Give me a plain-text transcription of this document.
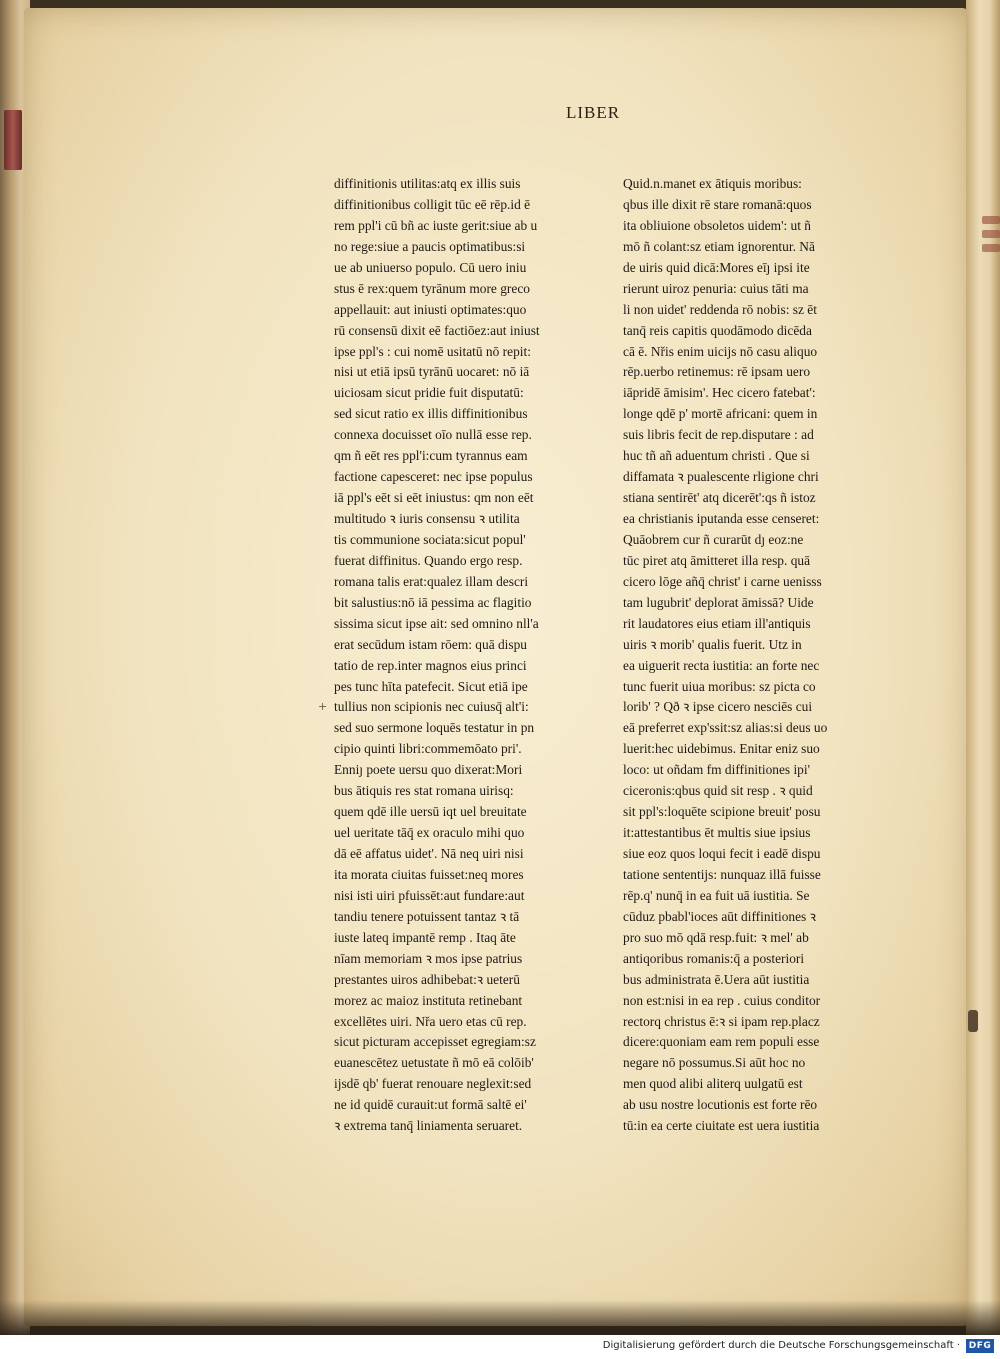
LIBER
+
diffinitionis utilitas:atq ex illis suis
diffinitionibus colligit tūc eē rēp.id ē
rem ppl'i cū bñ ac iuste gerit:siue ab u
no rege:siue a paucis optimatibus:si
ue ab uniuerso populo. Cū uero iniu
stus ē rex:quem tyrānum more greco
appellauit: aut iniusti optimates:quo
rū consensū dixit eē factiōez:aut iniust
ipse ppl's : cui nomē usitatū nō repit:
nisi ut etiā ipsū tyrānū uocaret: nō iā
uiciosam sicut pridie fuit disputatū:
sed sicut ratio ex illis diffinitionibus
connexa docuisset oīo nullā esse rep.
qm ñ eēt res ppl'i:cum tyrannus eam
factione capesceret: nec ipse populus
iā ppl's eēt si eēt iniustus: qm non eēt
multitudo ꝛ iuris consensu ꝛ utilita
tis communione sociata:sicut popul'
fuerat diffinitus. Quando ergo resp.
romana talis erat:qualez illam descri
bit salustius:nō iā pessima ac flagitio
sissima sicut ipse ait: sed omnino nll'a
erat secūdum istam rōem: quā dispu
tatio de rep.inter magnos eius princi
pes tunc hīta patefecit. Sicut etiā ipe
tullius non scipionis nec cuiusq̄ alt'i:
sed suo sermone loquēs testatur in pn
cipio quinti libri:commemōato pri'.
Enniȷ poete uersu quo dixerat:Mori
bus ātiquis res stat romana uirisq:
quem qdē ille uersū iqt uel breuitate
uel ueritate tāq̄ ex oraculo mihi quo
dā eē affatus uidet'. Nā neq uiri nisi
ita morata ciuitas fuisset:neq mores
nisi isti uiri pfuissēt:aut fundare:aut
tandiu tenere potuissent tantaz ꝛ tā
iuste lateq impantē remp . Itaq āte
nīam memoriam ꝛ mos ipse patrius
prestantes uiros adhibebat:ꝛ ueterū
morez ac maioz instituta retinebant
excellētes uiri. Nřa uero etas cū rep.
sicut picturam accepisset egregiam:sz
euanescētez uetustate ñ mō eā colōib'
ijsdē qb' fuerat renouare neglexit:sed
ne id quidē curauit:ut formā saltē ei'
ꝛ extrema tanq̄ liniamenta seruaret.
Quid.n.manet ex ātiquis moribus:
qbus ille dixit rē stare romanā:quos
ita obliuione obsoletos uidem': ut ñ
mō ñ colant:sz etiam ignorentur. Nā
de uiris quid dicā:Mores eīȷ ipsi ite
rierunt uiroz penuria: cuius tāti ma
li non uidet' reddenda rō nobis: sz ēt
tanq̄ reis capitis quodāmodo dicēda
cā ē. Nřis enim uicijs nō casu aliquo
rēp.uerbo retinemus: rē ipsam uero
iāpridē āmisim'. Hec cicero fatebat':
longe qdē p' mortē africani: quem in
suis libris fecit de rep.disputare : ad
huc tñ añ aduentum christi . Que si
diffamata ꝛ pualescente rligione chri
stiana sentirēt' atq dicerēt':qs ñ istoz
ea christianis iputanda esse censeret:
Quāobrem cur ñ curarūt dȷ eoz:ne
tūc piret atq āmitteret illa resp. quā
cicero lōge añq̄ christ' i carne uenisss
tam lugubrit' deplorat āmissā? Uide
rit laudatores eius etiam ill'antiquis
uiris ꝛ morib' qualis fuerit. Utz in
ea uiguerit recta iustitia: an forte nec
tunc fuerit uiua moribus: sz picta co
lorib' ? Qð ꝛ ipse cicero nesciēs cui
eā preferret exp'ssit:sz alias:si deus uo
luerit:hec uidebimus. Enitar eniz suo
loco: ut oñdam fm diffinitiones ipi'
ciceronis:qbus quid sit resp . ꝛ quid
sit ppl's:loquēte scipione breuit' posu
it:attestantibus ēt multis siue ipsius
siue eoz quos loqui fecit i eadē dispu
tatione sententijs: nunquaz illā fuisse
rēp.q' nunq̄ in ea fuit uā iustitia. Se
cūduz pbabl'ioces aūt diffinitiones ꝛ
pro suo mō qdā resp.fuit: ꝛ mel' ab
antiqoribus romanis:q̄ a posteriori
bus administrata ē.Uera aūt iustitia
non est:nisi in ea rep . cuius conditor
rectorq christus ē:ꝛ si ipam rep.placz
dicere:quoniam eam rem populi esse
negare nō possumus.Si aūt hoc no
men quod alibi aliterq uulgatū est
ab usu nostre locutionis est forte rēo
tū:in ea certe ciuitate est uera iustitia
Digitalisierung gefördert durch die Deutsche Forschungsgemeinschaft · DFG
